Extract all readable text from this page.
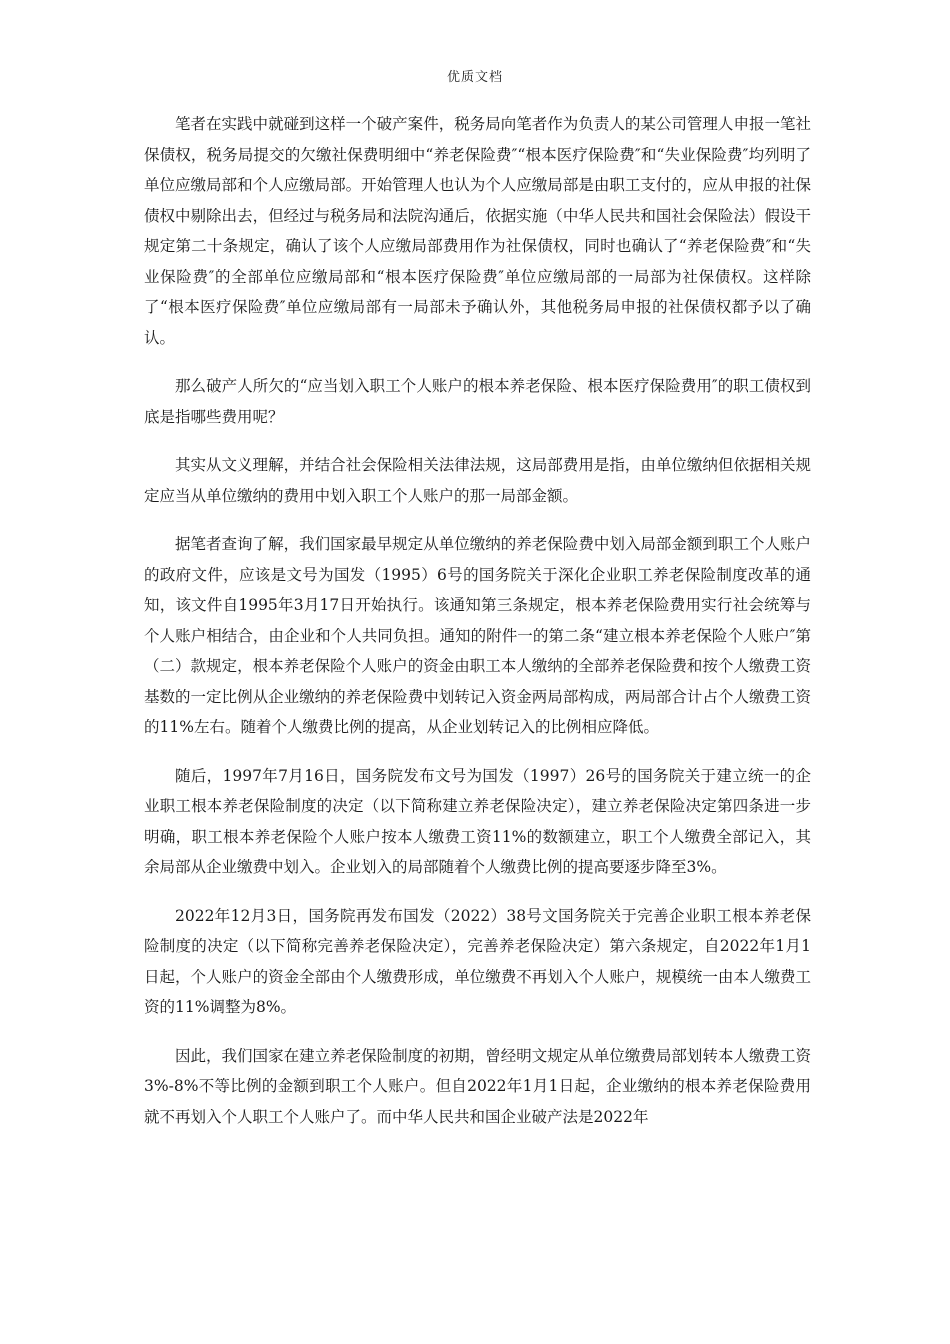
优质文档

笔者在实践中就碰到这样一个破产案件，税务局向笔者作为负责人的某公司管理人申报一笔社保债权，税务局提交的欠缴社保费明细中“养老保险费″“根本医疗保险费″和“失业保险费″均列明了单位应缴局部和个人应缴局部。开始管理人也认为个人应缴局部是由职工支付的，应从申报的社保债权中剔除出去，但经过与税务局和法院沟通后，依据实施（中华人民共和国社会保险法）假设干规定第二十条规定，确认了该个人应缴局部费用作为社保债权，同时也确认了“养老保险费″和“失业保险费″的全部单位应缴局部和“根本医疗保险费″单位应缴局部的一局部为社保债权。这样除了“根本医疗保险费″单位应缴局部有一局部未予确认外，其他税务局申报的社保债权都予以了确认。

那么破产人所欠的“应当划入职工个人账户的根本养老保险、根本医疗保险费用″的职工债权到底是指哪些费用呢？

其实从文义理解，并结合社会保险相关法律法规，这局部费用是指，由单位缴纳但依据相关规定应当从单位缴纳的费用中划入职工个人账户的那一局部金额。

据笔者查询了解，我们国家最早规定从单位缴纳的养老保险费中划入局部金额到职工个人账户的政府文件，应该是文号为国发（1995）6号的国务院关于深化企业职工养老保险制度改革的通知，该文件自1995年3月17日开始执行。该通知第三条规定，根本养老保险费用实行社会统筹与个人账户相结合，由企业和个人共同负担。通知的附件一的第二条“建立根本养老保险个人账户″第（二）款规定，根本养老保险个人账户的资金由职工本人缴纳的全部养老保险费和按个人缴费工资基数的一定比例从企业缴纳的养老保险费中划转记入资金两局部构成，两局部合计占个人缴费工资的11%左右。随着个人缴费比例的提高，从企业划转记入的比例相应降低。

随后，1997年7月16日，国务院发布文号为国发（1997）26号的国务院关于建立统一的企业职工根本养老保险制度的决定（以下简称建立养老保险决定），建立养老保险决定第四条进一步明确，职工根本养老保险个人账户按本人缴费工资11%的数额建立，职工个人缴费全部记入，其余局部从企业缴费中划入。企业划入的局部随着个人缴费比例的提高要逐步降至3%。

2022年12月3日，国务院再发布国发（2022）38号文国务院关于完善企业职工根本养老保险制度的决定（以下简称完善养老保险决定），完善养老保险决定）第六条规定，自2022年1月1日起，个人账户的资金全部由个人缴费形成，单位缴费不再划入个人账户，规模统一由本人缴费工资的11%调整为8%。

因此，我们国家在建立养老保险制度的初期，曾经明文规定从单位缴费局部划转本人缴费工资3%-8%不等比例的金额到职工个人账户。但自2022年1月1日起，企业缴纳的根本养老保险费用就不再划入个人职工个人账户了。而中华人民共和国企业破产法是2022年
